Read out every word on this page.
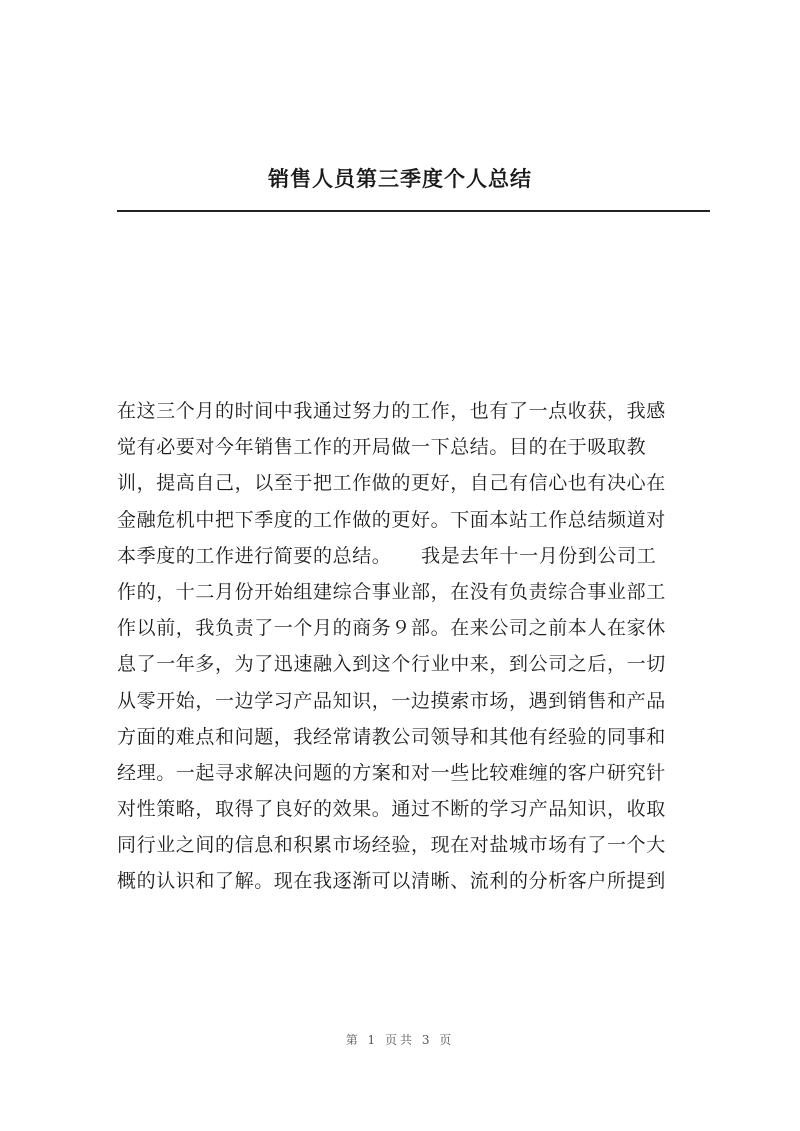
销售人员第三季度个人总结
在这三个月的时间中我通过努力的工作，也有了一点收获，我感
觉有必要对今年销售工作的开局做一下总结。目的在于吸取教
训，提高自己，以至于把工作做的更好，自己有信心也有决心在
金融危机中把下季度的工作做的更好。下面本站工作总结频道对
本季度的工作进行简要的总结。　　我是去年十一月份到公司工
作的，十二月份开始组建综合事业部，在没有负责综合事业部工
作以前，我负责了一个月的商务９部。在来公司之前本人在家休
息了一年多，为了迅速融入到这个行业中来，到公司之后，一切
从零开始，一边学习产品知识，一边摸索市场，遇到销售和产品
方面的难点和问题，我经常请教公司领导和其他有经验的同事和
经理。一起寻求解决问题的方案和对一些比较难缠的客户研究针
对性策略，取得了良好的效果。通过不断的学习产品知识，收取
同行业之间的信息和积累市场经验，现在对盐城市场有了一个大
概的认识和了解。现在我逐渐可以清晰、流利的分析客户所提到
第 1 页共 3 页
